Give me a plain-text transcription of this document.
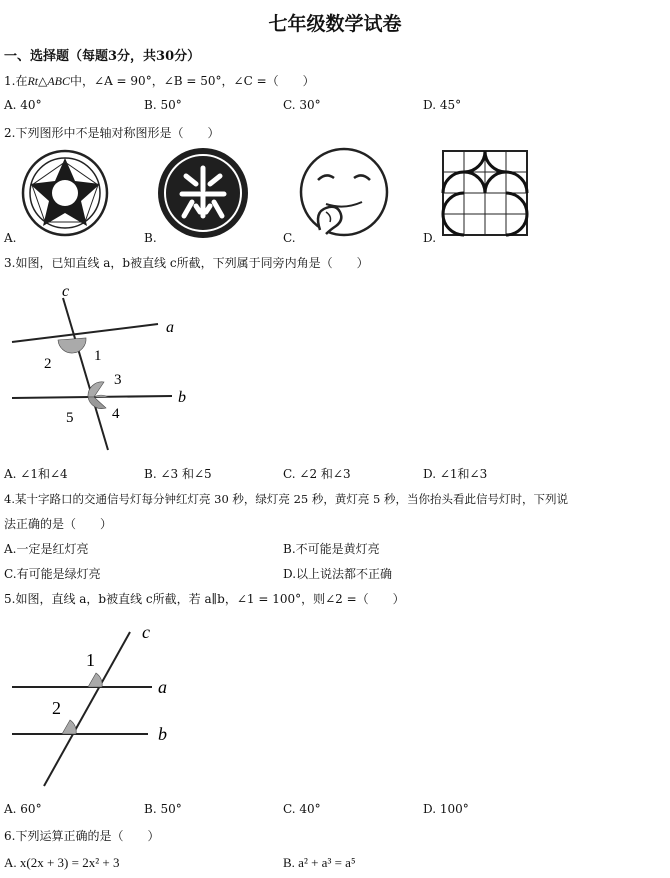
七年级数学试卷
一、选择题（每题3分，共30分）
1.在Rt△ABC中，∠A = 90°，∠B = 50°，∠C =（　　）
A. 40°	B. 50°	C. 30°	D. 45°
2.下列图形中不是轴对称图形是（　　）
A.	B.	C.	D.
3.如图，已知直线 a，b被直线 c所截，下列属于同旁内角是（　　）
c
a
b
1
2
3
4
5
A. ∠1和∠4	B. ∠3 和∠5	C. ∠2 和∠3	D. ∠1和∠3
4.某十字路口的交通信号灯每分钟红灯亮 30 秒，绿灯亮 25 秒，黄灯亮 5 秒，当你抬头看此信号灯时，下列说
法正确的是（　　）
A.一定是红灯亮	B.不可能是黄灯亮
C.有可能是绿灯亮	D.以上说法都不正确
5.如图，直线 a，b被直线 c所截，若 a∥b，∠1 = 100°，则∠2 =（　　）
c
a
b
1
2
A. 60°	B. 50°	C. 40°	D. 100°
6.下列运算正确的是（　　）
A. x(2x + 3) = 2x² + 3	B. a² + a³ = a⁵
